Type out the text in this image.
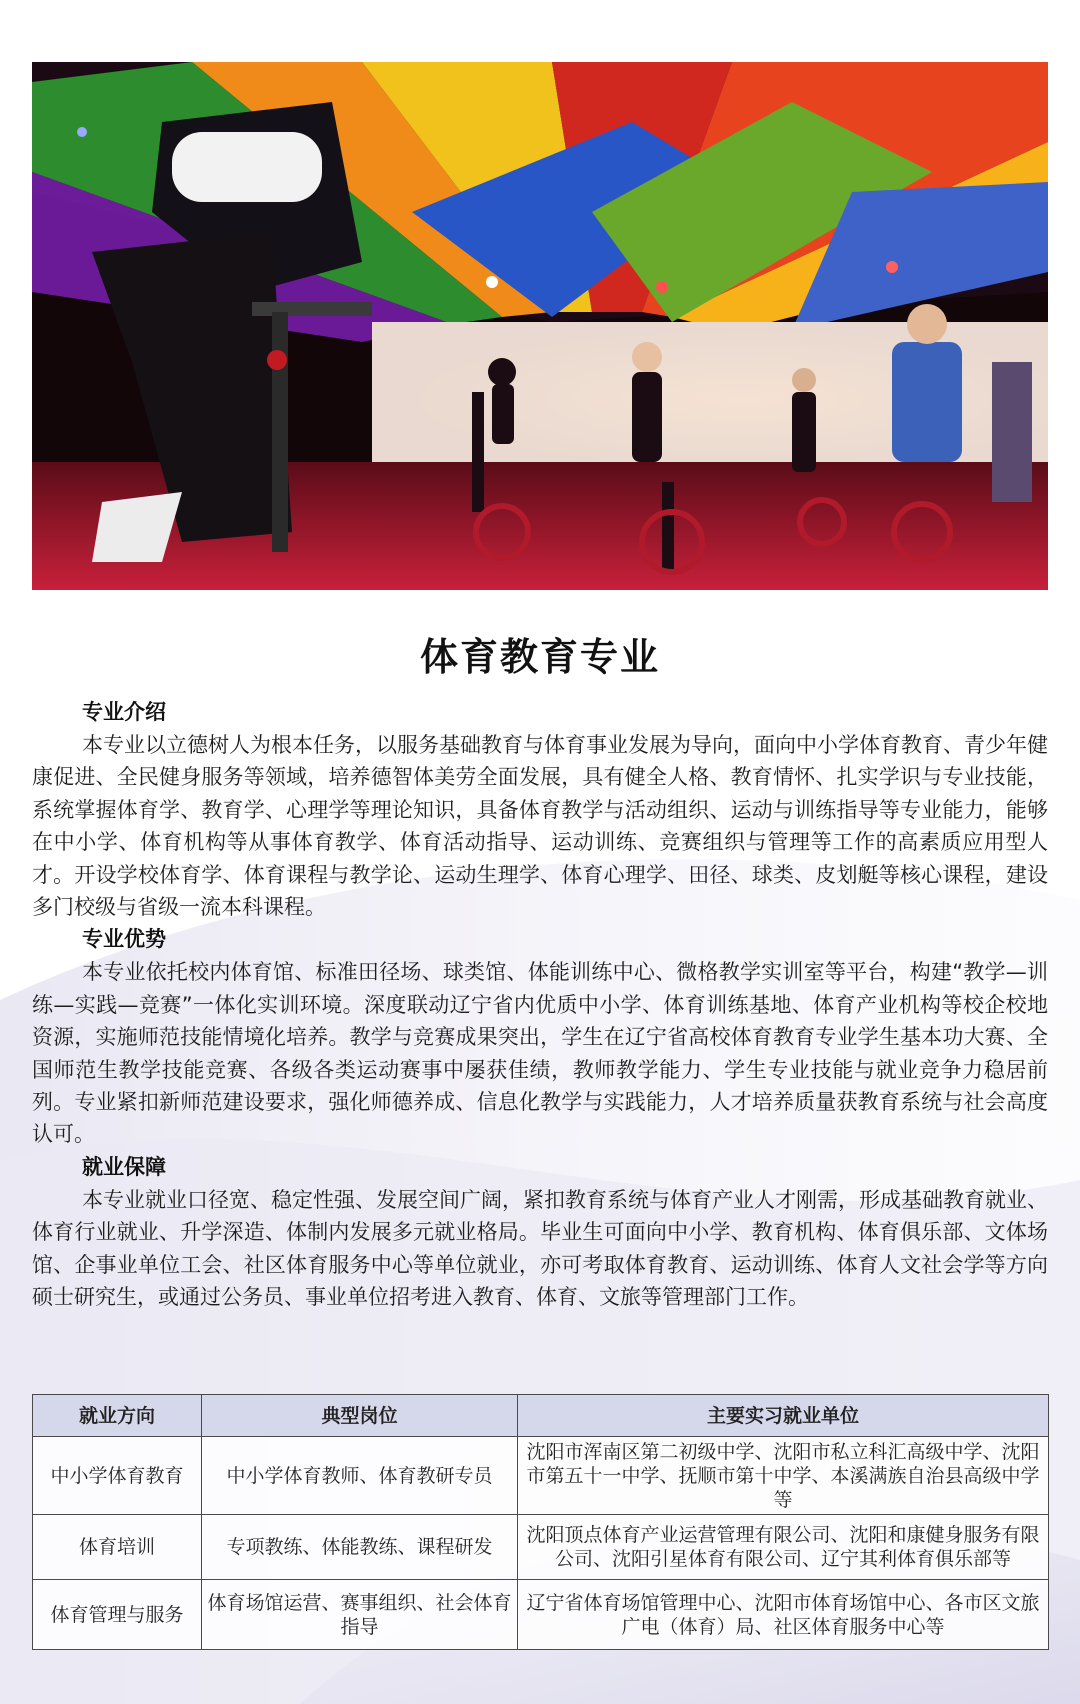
体育教育专业
专业介绍

本专业以立德树人为根本任务，以服务基础教育与体育事业发展为导向，面向中小学体育教育、青少年健康促进、全民健身服务等领域，培养德智体美劳全面发展，具有健全人格、教育情怀、扎实学识与专业技能，系统掌握体育学、教育学、心理学等理论知识，具备体育教学与活动组织、运动与训练指导等专业能力，能够在中小学、体育机构等从事体育教学、体育活动指导、运动训练、竞赛组织与管理等工作的高素质应用型人才。开设学校体育学、体育课程与教学论、运动生理学、体育心理学、田径、球类、皮划艇等核心课程，建设多门校级与省级一流本科课程。

专业优势

本专业依托校内体育馆、标准田径场、球类馆、体能训练中心、微格教学实训室等平台，构建“教学—训练—实践—竞赛”一体化实训环境。深度联动辽宁省内优质中小学、体育训练基地、体育产业机构等校企校地资源，实施师范技能情境化培养。教学与竞赛成果突出，学生在辽宁省高校体育教育专业学生基本功大赛、全国师范生教学技能竞赛、各级各类运动赛事中屡获佳绩，教师教学能力、学生专业技能与就业竞争力稳居前列。专业紧扣新师范建设要求，强化师德养成、信息化教学与实践能力，人才培养质量获教育系统与社会高度认可。

就业保障

本专业就业口径宽、稳定性强、发展空间广阔，紧扣教育系统与体育产业人才刚需，形成基础教育就业、体育行业就业、升学深造、体制内发展多元就业格局。毕业生可面向中小学、教育机构、体育俱乐部、文体场馆、企事业单位工会、社区体育服务中心等单位就业，亦可考取体育教育、运动训练、体育人文社会学等方向硕士研究生，或通过公务员、事业单位招考进入教育、体育、文旅等管理部门工作。

就业方向	典型岗位	主要实习就业单位
中小学体育教育	中小学体育教师、体育教研专员	沈阳市浑南区第二初级中学、沈阳市私立科汇高级中学、沈阳市第五十一中学、抚顺市第十中学、本溪满族自治县高级中学等
体育培训	专项教练、体能教练、课程研发	沈阳顶点体育产业运营管理有限公司、沈阳和康健身服务有限公司、沈阳引星体育有限公司、辽宁其利体育俱乐部等
体育管理与服务	体育场馆运营、赛事组织、社会体育指导	辽宁省体育场馆管理中心、沈阳市体育场馆中心、各市区文旅广电（体育）局、社区体育服务中心等
